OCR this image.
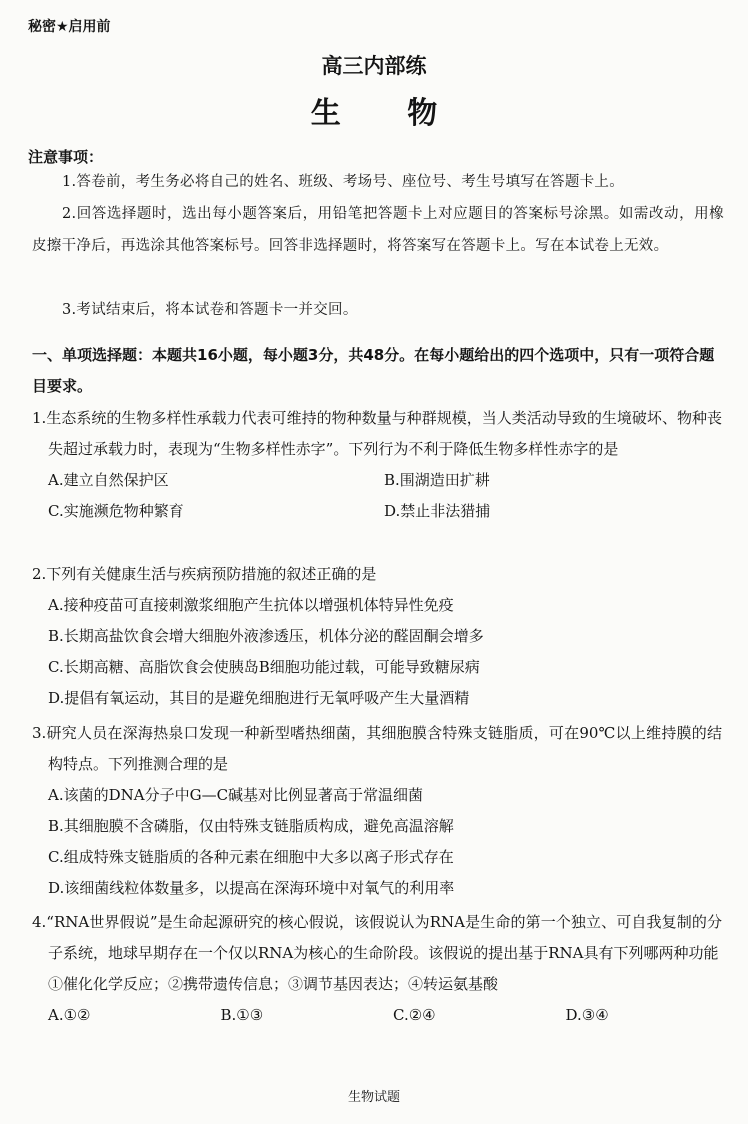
秘密★启用前
高三内部练
生 物
注意事项：
1.答卷前，考生务必将自己的姓名、班级、考场号、座位号、考生号填写在答题卡上。
2.回答选择题时，选出每小题答案后，用铅笔把答题卡上对应题目的答案标号涂黑。如需改动，用橡皮擦干净后，再选涂其他答案标号。回答非选择题时，将答案写在答题卡上。写在本试卷上无效。
3.考试结束后，将本试卷和答题卡一并交回。
一、单项选择题：本题共16小题，每小题3分，共48分。在每小题给出的四个选项中，只有一项符合题目要求。
1.生态系统的生物多样性承载力代表可维持的物种数量与种群规模，当人类活动导致的生境破坏、物种丧失超过承载力时，表现为“生物多样性赤字”。下列行为不利于降低生物多样性赤字的是
A.建立自然保护区	B.围湖造田扩耕
C.实施濒危物种繁育	D.禁止非法猎捕
2.下列有关健康生活与疾病预防措施的叙述正确的是
A.接种疫苗可直接刺激浆细胞产生抗体以增强机体特异性免疫
B.长期高盐饮食会增大细胞外液渗透压，机体分泌的醛固酮会增多
C.长期高糖、高脂饮食会使胰岛B细胞功能过载，可能导致糖尿病
D.提倡有氧运动，其目的是避免细胞进行无氧呼吸产生大量酒精
3.研究人员在深海热泉口发现一种新型嗜热细菌，其细胞膜含特殊支链脂质，可在90℃以上维持膜的结构特点。下列推测合理的是
A.该菌的DNA分子中G—C碱基对比例显著高于常温细菌
B.其细胞膜不含磷脂，仅由特殊支链脂质构成，避免高温溶解
C.组成特殊支链脂质的各种元素在细胞中大多以离子形式存在
D.该细菌线粒体数量多，以提高在深海环境中对氧气的利用率
4.“RNA世界假说”是生命起源研究的核心假说，该假说认为RNA是生命的第一个独立、可自我复制的分子系统，地球早期存在一个仅以RNA为核心的生命阶段。该假说的提出基于RNA具有下列哪两种功能
①催化化学反应；②携带遗传信息；③调节基因表达；④转运氨基酸
A.①②	B.①③	C.②④	D.③④
生物试题
